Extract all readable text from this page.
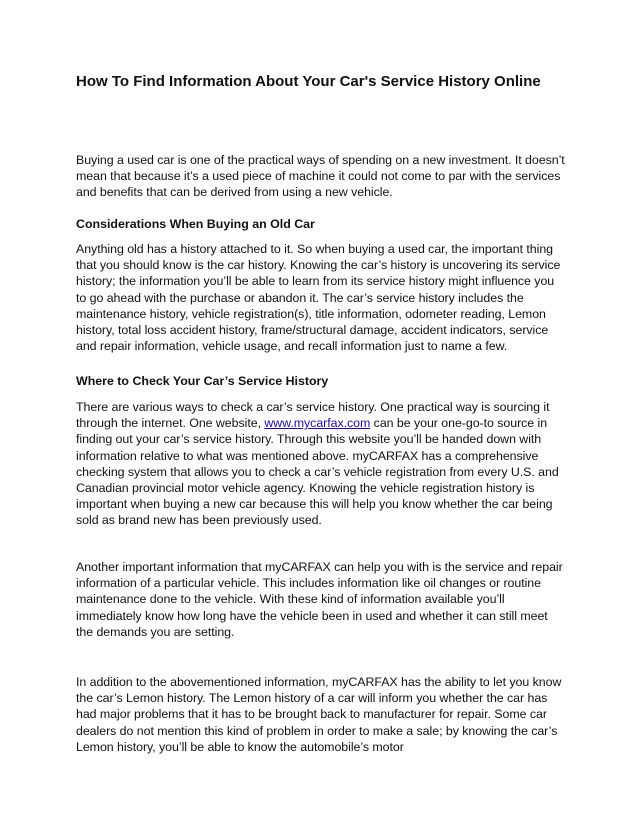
How To Find Information About Your Car's Service History Online

Buying a used car is one of the practical ways of spending on a new investment. It doesn’t mean that because it’s a used piece of machine it could not come to par with the services and benefits that can be derived from using a new vehicle.

Considerations When Buying an Old Car

Anything old has a history attached to it. So when buying a used car, the important thing that you should know is the car history. Knowing the car’s history is uncovering its service history; the information you’ll be able to learn from its service history might influence you to go ahead with the purchase or abandon it. The car’s service history includes the maintenance history, vehicle registration(s), title information, odometer reading, Lemon history, total loss accident history, frame/structural damage, accident indicators, service and repair information, vehicle usage, and recall information just to name a few.

Where to Check Your Car’s Service History

There are various ways to check a car’s service history. One practical way is sourcing it through the internet. One website, www.mycarfax.com can be your one-go-to source in finding out your car’s service history. Through this website you’ll be handed down with information relative to what was mentioned above. myCARFAX has a comprehensive checking system that allows you to check a car’s vehicle registration from every U.S. and Canadian provincial motor vehicle agency. Knowing the vehicle registration history is important when buying a new car because this will help you know whether the car being sold as brand new has been previously used.

Another important information that myCARFAX can help you with is the service and repair information of a particular vehicle. This includes information like oil changes or routine maintenance done to the vehicle. With these kind of information available you’ll immediately know how long have the vehicle been in used and whether it can still meet the demands you are setting.

In addition to the abovementioned information, myCARFAX has the ability to let you know the car’s Lemon history. The Lemon history of a car will inform you whether the car has had major problems that it has to be brought back to manufacturer for repair. Some car dealers do not mention this kind of problem in order to make a sale; by knowing the car’s Lemon history, you’ll be able to know the automobile’s motor
